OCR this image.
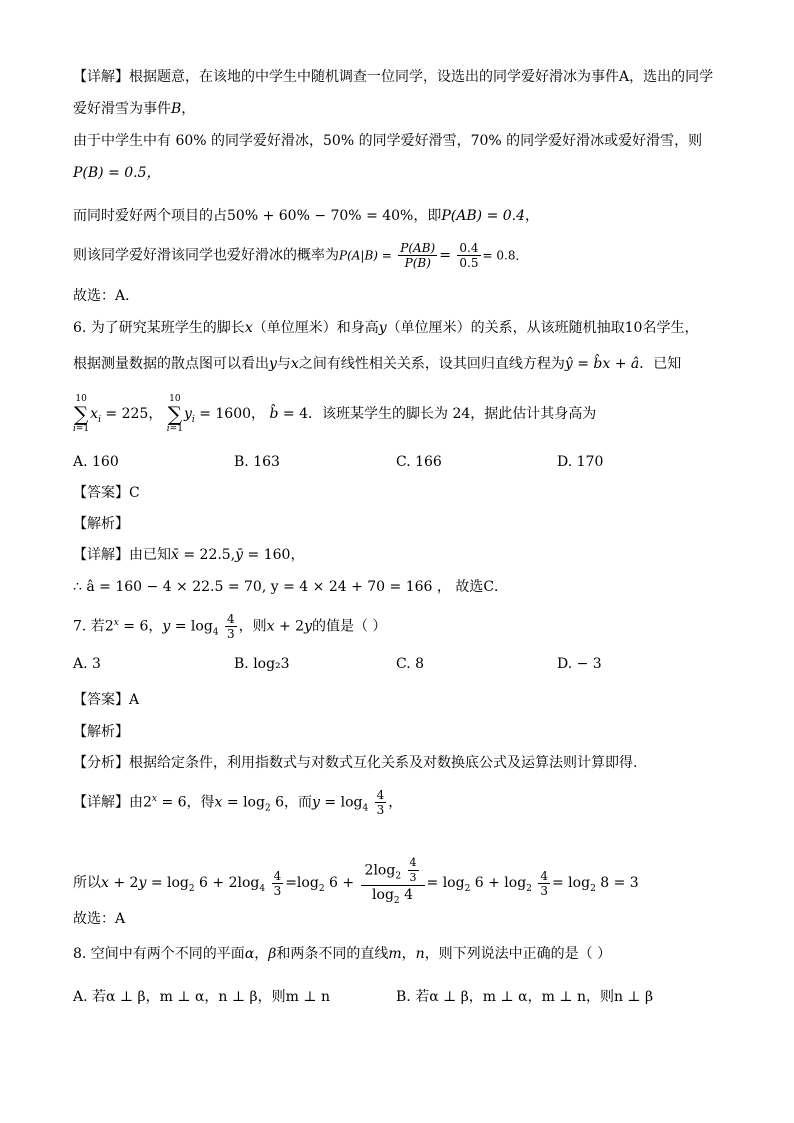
【详解】根据题意，在该地的中学生中随机调查一位同学，设选出的同学爱好滑冰为事件A，选出的同学
爱好滑雪为事件B，
由于中学生中有 60% 的同学爱好滑冰，50% 的同学爱好滑雪，70% 的同学爱好滑冰或爱好滑雪，则
P(B) = 0.5，
而同时爱好两个项目的占50% + 60% − 70% = 40%，即P(AB) = 0.4，
则该同学爱好滑该同学也爱好滑冰的概率为$P(A|B) = \frac{P(AB)}{P(B)} = \frac{0.4}{0.5} = 0.8$．
故选：A．
6. 为了研究某班学生的脚长x（单位厘米）和身高y（单位厘米）的关系，从该班随机抽取10名学生，
根据测量数据的散点图可以看出y与x之间有线性相关关系，设其回归直线方程为ŷ = b̂x + â．已知
10
∑
$i=1x_i = 225$， 10
∑
$i=1y_i = 1600$， b̂ = 4．该班某学生的脚长为 24，据此估计其身高为
A. 160	B. 163	C. 166	D. 170
【答案】C
【解析】
【详解】由已知x̄ = 22.5,ȳ = 160，
∴ â = 160 − 4 × 22.5 = 70, y = 4 × 24 + 70 = 166 ， 故选C．
7. 若$2^x = 6$，$y = \log_4 \frac{4}{3}$ ，则x + 2y的值是（ ）
A. 3	B. log₂3	C. 8	D. − 3
【答案】A
【解析】
【分析】根据给定条件，利用指数式与对数式互化关系及对数换底公式及运算法则计算即得.
【详解】由$2^x = 6$，得$x = \log_2 6$，而$y = \log_4 \frac{4}{3}$ ，
所以$x + 2y = \log_2 6 + 2\log_4 \frac{4}{3} =\log_2$ $6 + \frac{2\log_2 \frac{4}{3}}{\log_2 4} = \log_2 6 + \log_2 \frac{4}{3} = \log_2 8 = 3$
故选：A
8. 空间中有两个不同的平面α，β和两条不同的直线m，n，则下列说法中正确的是（ ）
A. 若α ⊥ β，m ⊥ α，n ⊥ β，则m ⊥ n	B. 若α ⊥ β，m ⊥ α，m ⊥ n，则n ⊥ β
